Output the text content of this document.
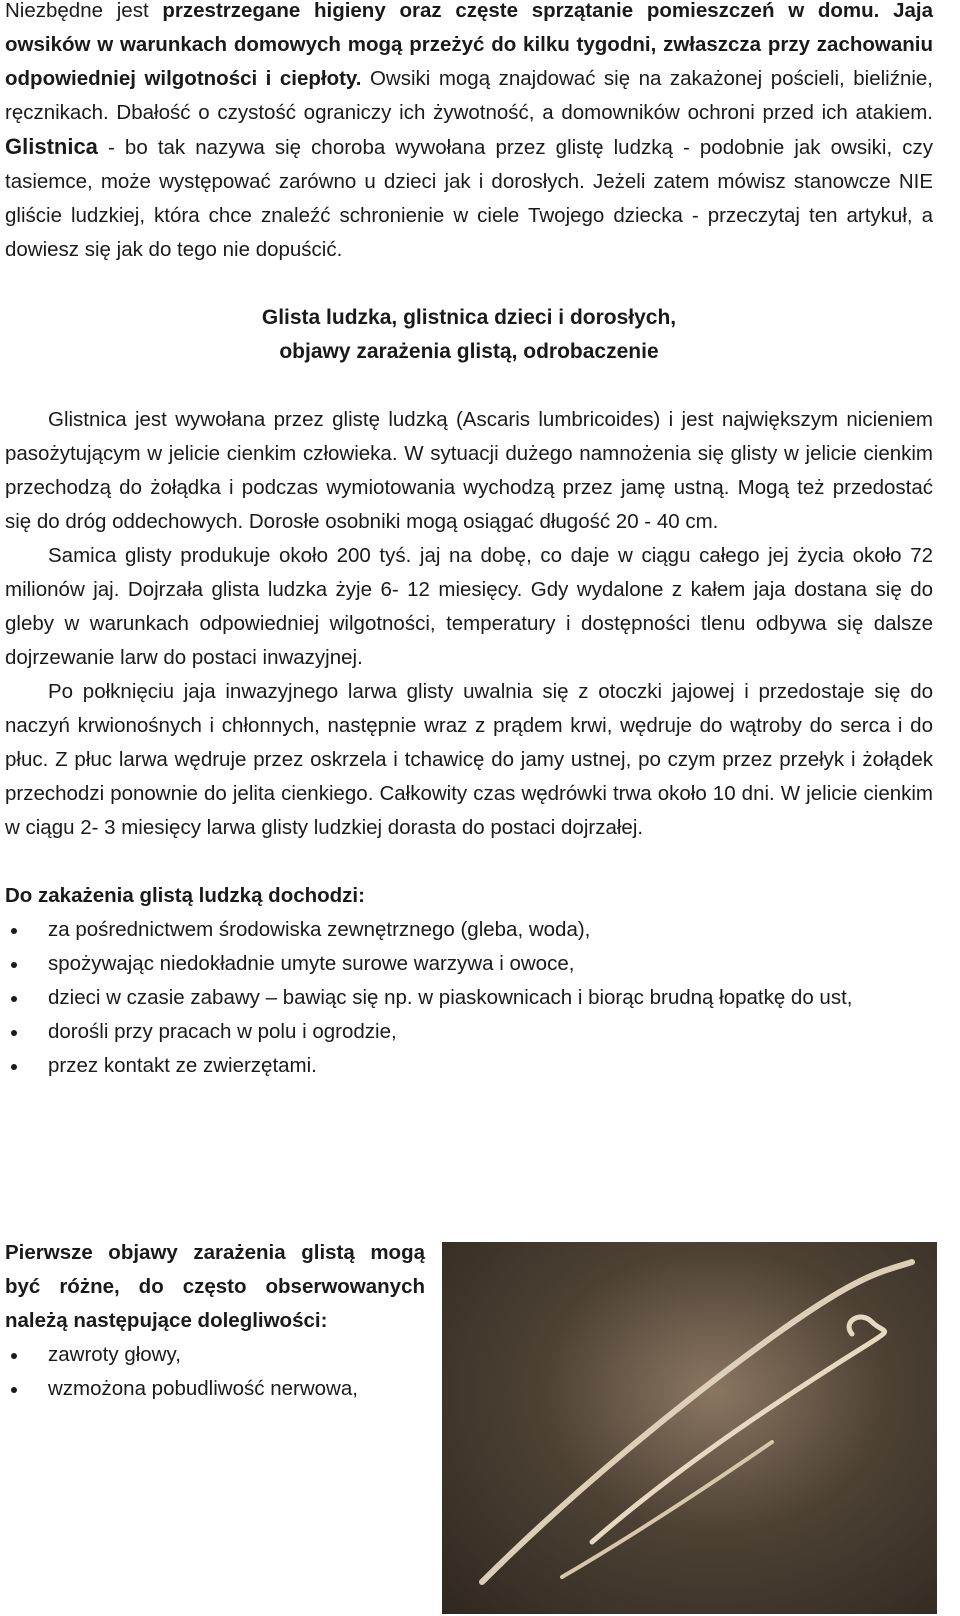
Niezbędne jest przestrzegane higieny oraz częste sprzątanie pomieszczeń w domu. Jaja owsików w warunkach domowych mogą przeżyć do kilku tygodni, zwłaszcza przy zachowaniu odpowiedniej wilgotności i ciepłoty. Owsiki mogą znajdować się na zakażonej pościeli, bieliźnie, ręcznikach. Dbałość o czystość ograniczy ich żywotność, a domowników ochroni przed ich atakiem. Glistnica - bo tak nazywa się choroba wywołana przez glistę ludzką - podobnie jak owsiki, czy tasiemce, może występować zarówno u dzieci jak i dorosłych. Jeżeli zatem mówisz stanowcze NIE gliście ludzkiej, która chce znaleźć schronienie w ciele Twojego dziecka - przeczytaj ten artykuł, a dowiesz się jak do tego nie dopuścić.

Glista ludzka, glistnica dzieci i dorosłych,
objawy zarażenia glistą, odrobaczenie

Glistnica jest wywołana przez glistę ludzką (Ascaris lumbricoides) i jest największym nicieniem pasożytującym w jelicie cienkim człowieka. W sytuacji dużego namnożenia się glisty w jelicie cienkim przechodzą do żołądka i podczas wymiotowania wychodzą przez jamę ustną. Mogą też przedostać się do dróg oddechowych. Dorosłe osobniki mogą osiągać długość 20 - 40 cm.

Samica glisty produkuje około 200 tyś. jaj na dobę, co daje w ciągu całego jej życia około 72 milionów jaj. Dojrzała glista ludzka żyje 6- 12 miesięcy. Gdy wydalone z kałem jaja dostana się do gleby w warunkach odpowiedniej wilgotności, temperatury i dostępności tlenu odbywa się dalsze dojrzewanie larw do postaci inwazyjnej.

Po połknięciu jaja inwazyjnego larwa glisty uwalnia się z otoczki jajowej i przedostaje się do naczyń krwionośnych i chłonnych, następnie wraz z prądem krwi, wędruje do wątroby do serca i do płuc. Z płuc larwa wędruje przez oskrzela i tchawicę do jamy ustnej, po czym przez przełyk i żołądek przechodzi ponownie do jelita cienkiego. Całkowity czas wędrówki trwa około 10 dni. W jelicie cienkim w ciągu 2- 3 miesięcy larwa glisty ludzkiej dorasta do postaci dojrzałej.

Do zakażenia glistą ludzką dochodzi:

za pośrednictwem środowiska zewnętrznego (gleba, woda),
spożywając niedokładnie umyte surowe warzywa i owoce,
dzieci w czasie zabawy – bawiąc się np. w piaskownicach i biorąc brudną łopatkę do ust,
dorośli przy pracach w polu i ogrodzie,
przez kontakt ze zwierzętami.

Pierwsze objawy zarażenia glistą mogą być różne, do często obserwowanych należą następujące dolegliwości:

zawroty głowy,
wzmożona pobudliwość nerwowa,
